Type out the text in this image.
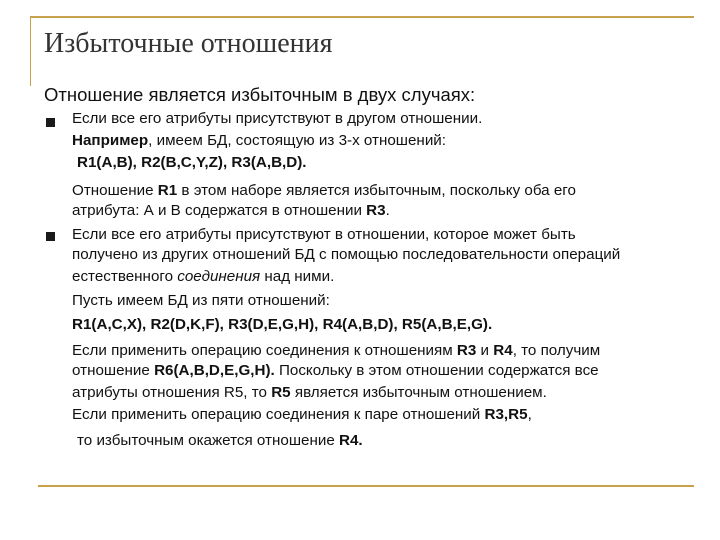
Избыточные отношения
Отношение является избыточным в двух случаях:
Если все его атрибуты присутствуют в другом отношении.
Например, имеем БД, состоящую из 3-х отношений:
R1(A,B), R2(B,C,Y,Z), R3(A,B,D).
Отношение R1 в этом наборе является избыточным, поскольку оба его
атрибута: А и В содержатся в отношении R3.
Если все его атрибуты присутствуют в отношении, которое может быть
получено из других отношений БД с помощью последовательности операций
естественного соединения над ними.
Пусть имеем БД из пяти отношений:
R1(A,C,X), R2(D,K,F), R3(D,E,G,H), R4(A,B,D), R5(A,B,E,G).
Если применить операцию соединения к отношениям R3 и R4, то получим
отношение R6(A,B,D,E,G,H). Поскольку в этом отношении содержатся все
атрибуты отношения R5, то R5 является избыточным отношением.
Если применить операцию соединения к паре отношений R3,R5,
то избыточным окажется отношение R4.
